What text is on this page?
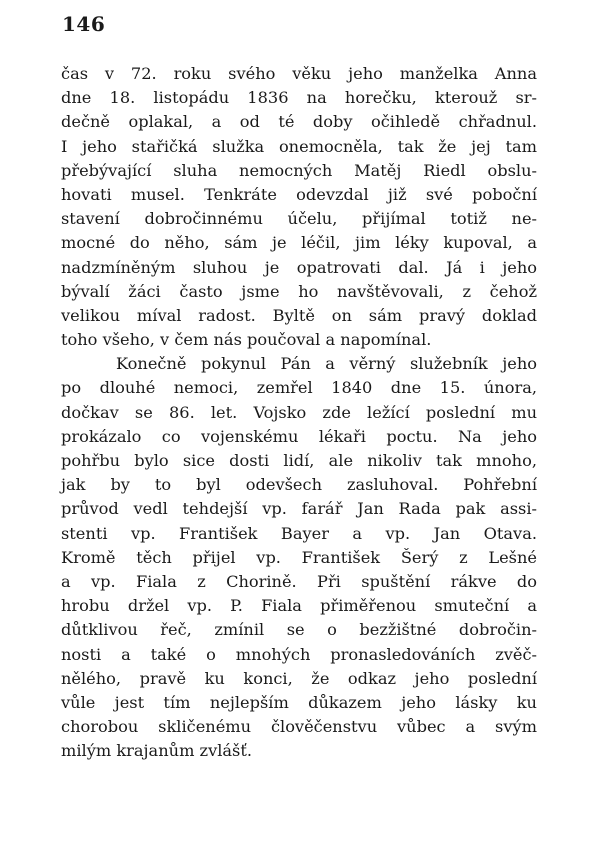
146
čas v 72. roku svého věku jeho manželka Anna
dne 18. listopádu 1836 na horečku, kterouž sr-
dečně oplakal, a od té doby očihledě chřadnul.
I jeho stařičká služka onemocněla, tak že jej tam
přebývající sluha nemocných Matěj Riedl obslu-
hovati musel. Tenkráte odevzdal již své poboční
stavení dobročinnému účelu, přijímal totiž ne-
mocné do něho, sám je léčil, jim léky kupoval, a
nadzmíněným sluhou je opatrovati dal. Já i jeho
bývalí žáci často jsme ho navštěvovali, z čehož
velikou míval radost. Byltě on sám pravý doklad
toho všeho, v čem nás poučoval a napomínal.
Konečně pokynul Pán a věrný služebník jeho
po dlouhé nemoci, zemřel 1840 dne 15. února,
dočkav se 86. let. Vojsko zde ležící poslední mu
prokázalo co vojenskému lékaři poctu. Na jeho
pohřbu bylo sice dosti lidí, ale nikoliv tak mnoho,
jak by to byl odevšech zasluhoval. Pohřební
průvod vedl tehdejší vp. farář Jan Rada pak assi-
stenti vp. František Bayer a vp. Jan Otava.
Kromě těch přijel vp. František Šerý z Lešné
a vp. Fiala z Chorině. Při spuštění rákve do
hrobu držel vp. P. Fiala přiměřenou smuteční a
důtklivou řeč, zmínil se o bezžištné dobročin-
nosti a také o mnohých pronasledováních zvěč-
nělého, pravě ku konci, že odkaz jeho poslední
vůle jest tím nejlepším důkazem jeho lásky ku
chorobou skličenému člověčenstvu vůbec a svým
milým krajanům zvlášť.
